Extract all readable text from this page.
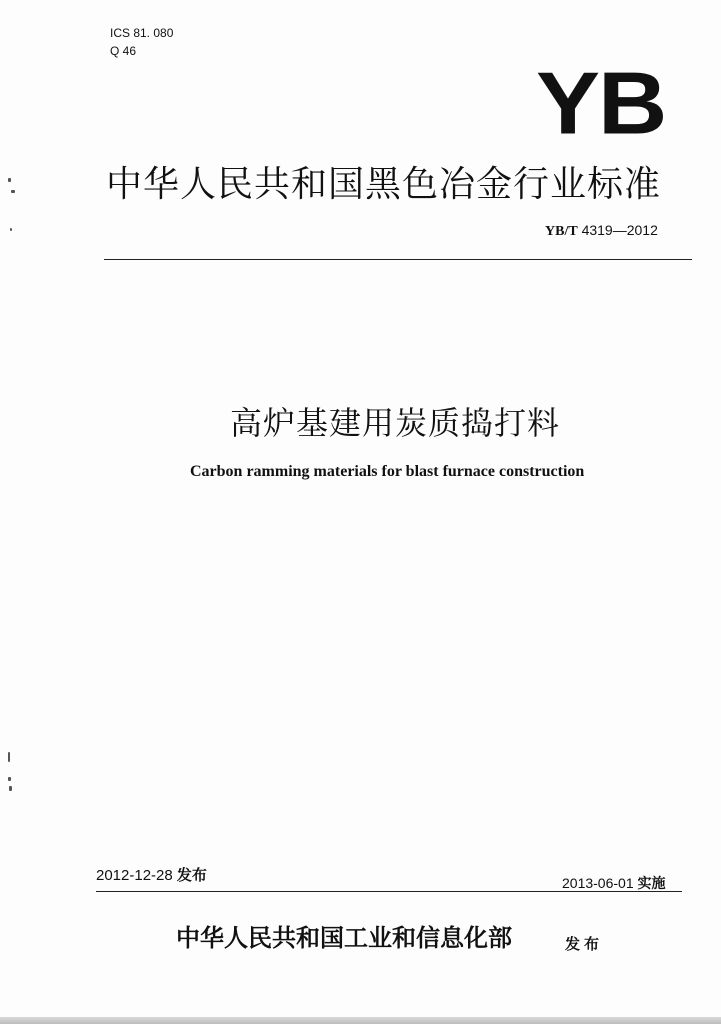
ICS 81. 080
Q 46
YB
中华人民共和国黑色冶金行业标准
YB/T 4319—2012
高炉基建用炭质捣打料
Carbon ramming materials for blast furnace construction
2012-12-28 发布	2013-06-01 实施
中华人民共和国工业和信息化部	发布
